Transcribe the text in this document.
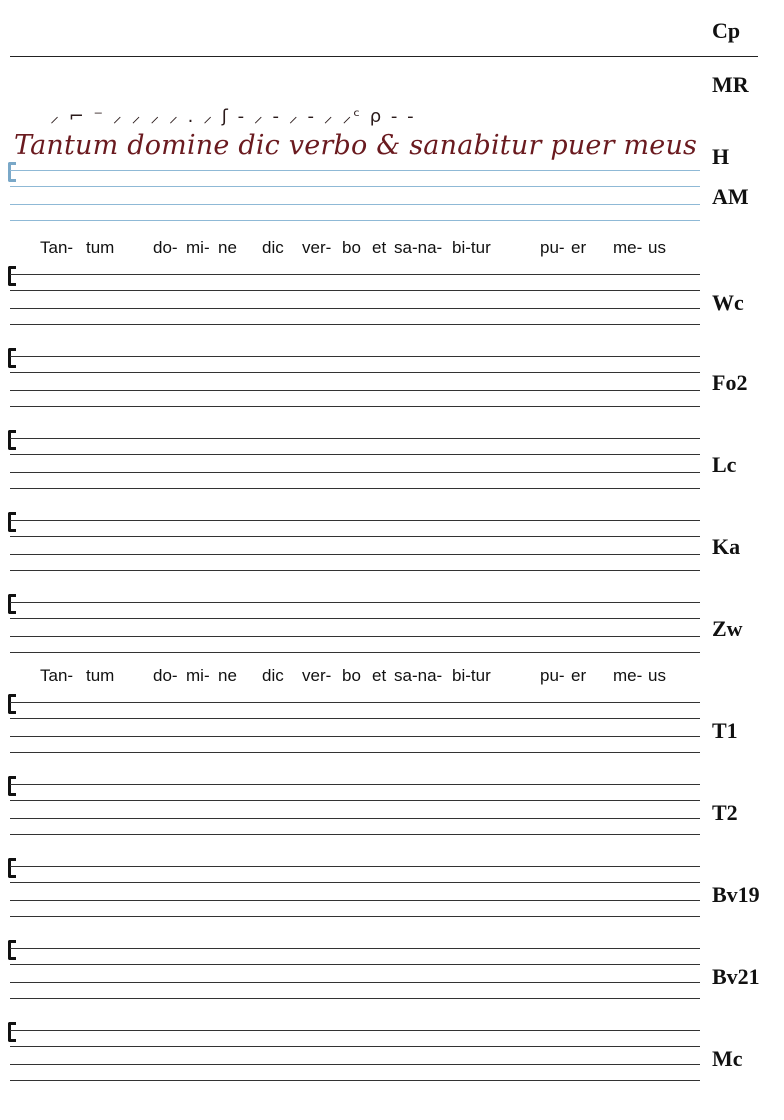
Cp
MR
H
AM
Wc
Fo2
Lc
Ka
Zw
T1
T2
Bv19
Bv21
Mc
⸝ ⌐ ⁻ ⸝ ⸝ ⸝ ⸝ . ⸝ ʃ - ⸝ - ⸝ - ⸝ ⸝ᶜ ρ - -
Tantum domine dic verbo & sanabitur puer meus
Tan- tum do- mi- ne dic ver- bo et sa-na- bi-tur	pu- er me- us
Tan- tum do- mi- ne dic ver- bo et sa-na- bi-tur	pu- er me- us
